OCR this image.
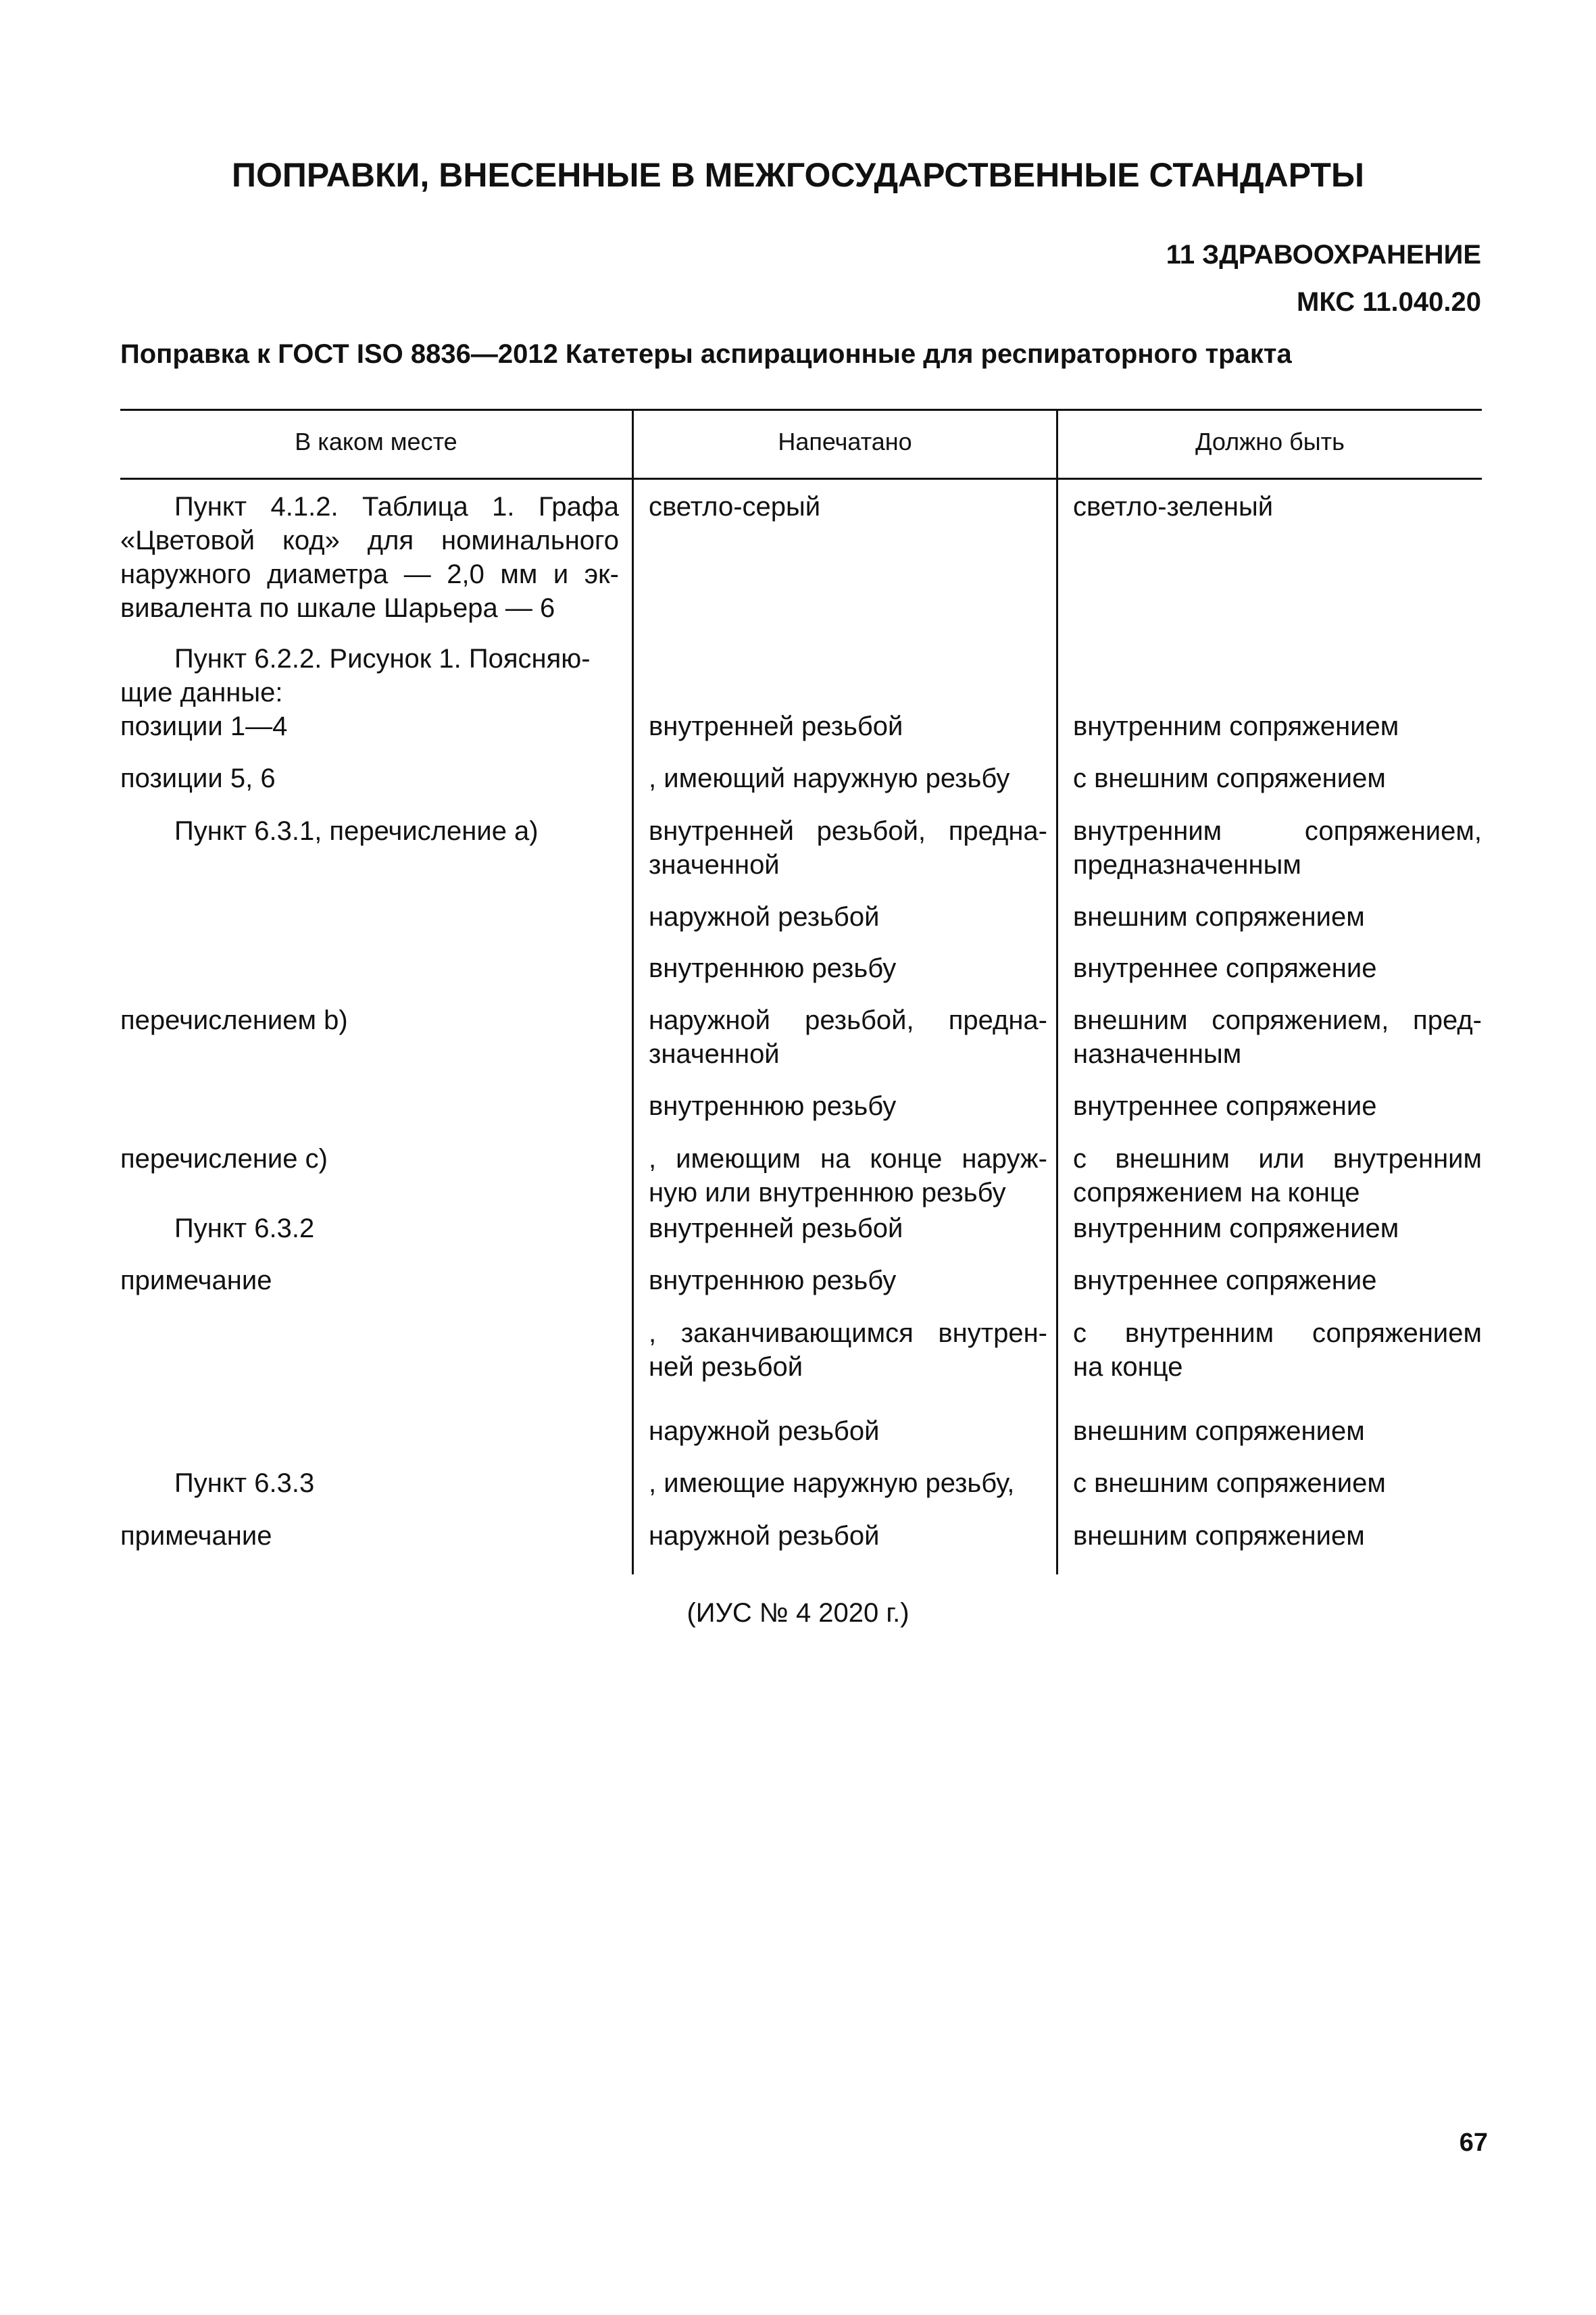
ПОПРАВКИ, ВНЕСЕННЫЕ В МЕЖГОСУДАРСТВЕННЫЕ СТАНДАРТЫ
11 ЗДРАВООХРАНЕНИЕ
МКС 11.040.20
Поправка к ГОСТ ISO 8836—2012 Катетеры аспирационные для респираторного тракта
В каком месте	Напечатано	Должно быть
Пункт 4.1.2. Таблица 1. Графа
«Цветовой код» для номинального
наружного диаметра — 2,0 мм и эк-
вивалента по шкале Шарьера — 6
Пункт 6.2.2. Рисунок 1. Поясняю-
щие данные:
позиции 1—4
позиции 5, 6
Пункт 6.3.1, перечисление а)
перечислением b)
перечисление с)
Пункт 6.3.2
примечание
Пункт 6.3.3
примечание
светло-серый
внутренней резьбой
, имеющий наружную резьбу
внутренней резьбой, предна-
значенной
наружной резьбой
внутреннюю резьбу
наружной резьбой, предна-
значенной
внутреннюю резьбу
, имеющим на конце наруж-
ную или внутреннюю резьбу
внутренней резьбой
внутреннюю резьбу
, заканчивающимся внутрен-
ней резьбой
наружной резьбой
, имеющие наружную резьбу,
наружной резьбой
светло-зеленый
внутренним сопряжением
с внешним сопряжением
внутренним сопряжением,
предназначенным
внешним сопряжением
внутреннее сопряжение
внешним сопряжением, пред-
назначенным
внутреннее сопряжение
с внешним или внутренним
сопряжением на конце
внутренним сопряжением
внутреннее сопряжение
с внутренним сопряжением
на конце
внешним сопряжением
с внешним сопряжением
внешним сопряжением
(ИУС № 4 2020 г.)
67
